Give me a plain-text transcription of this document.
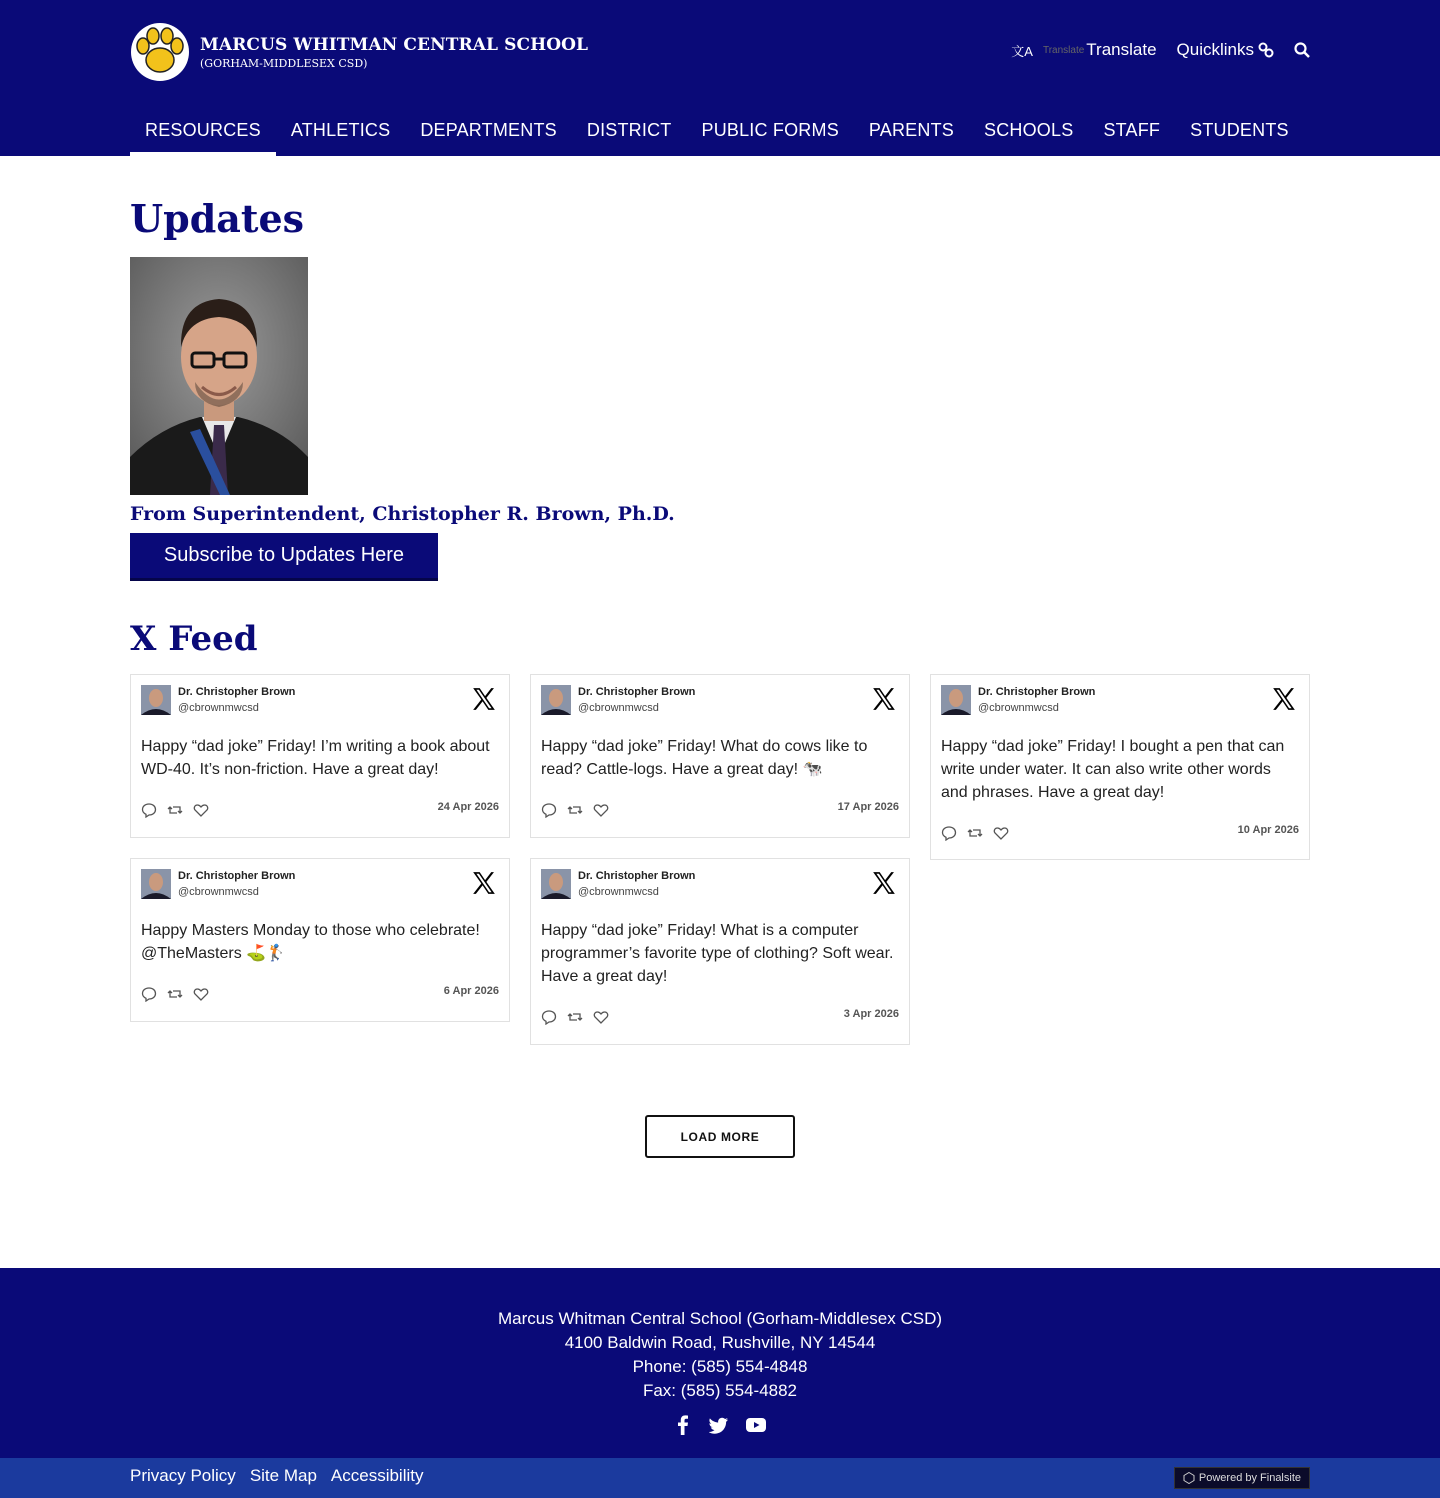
MARCUS WHITMAN CENTRAL SCHOOL
(GORHAM-MIDDLESEX CSD)
文A Translate Translate Quicklinks
RESOURCES	ATHLETICS	DEPARTMENTS	DISTRICT	PUBLIC FORMS	PARENTS	SCHOOLS	STAFF	STUDENTS
Updates
From Superintendent, Christopher R. Brown, Ph.D.
Subscribe to Updates Here
X Feed
Dr. Christopher Brown
@cbrownmwcsd
Happy “dad joke” Friday! I’m writing a book about WD-40. It’s non-friction. Have a great day!
24 Apr 2026
Dr. Christopher Brown
@cbrownmwcsd
Happy “dad joke” Friday! What do cows like to read? Cattle-logs. Have a great day! 🐄
17 Apr 2026
Dr. Christopher Brown
@cbrownmwcsd
Happy “dad joke” Friday! I bought a pen that can write under water. It can also write other words and phrases. Have a great day!
10 Apr 2026
Dr. Christopher Brown
@cbrownmwcsd
Happy Masters Monday to those who celebrate! @TheMasters ⛳🏌
6 Apr 2026
Dr. Christopher Brown
@cbrownmwcsd
Happy “dad joke” Friday! What is a computer programmer’s favorite type of clothing? Soft wear. Have a great day!
3 Apr 2026
LOAD MORE
Marcus Whitman Central School (Gorham-Middlesex CSD)
4100 Baldwin Road, Rushville, NY 14544
Phone: (585) 554-4848
Fax: (585) 554-4882
Privacy Policy Site Map Accessibility	Powered by Finalsite
